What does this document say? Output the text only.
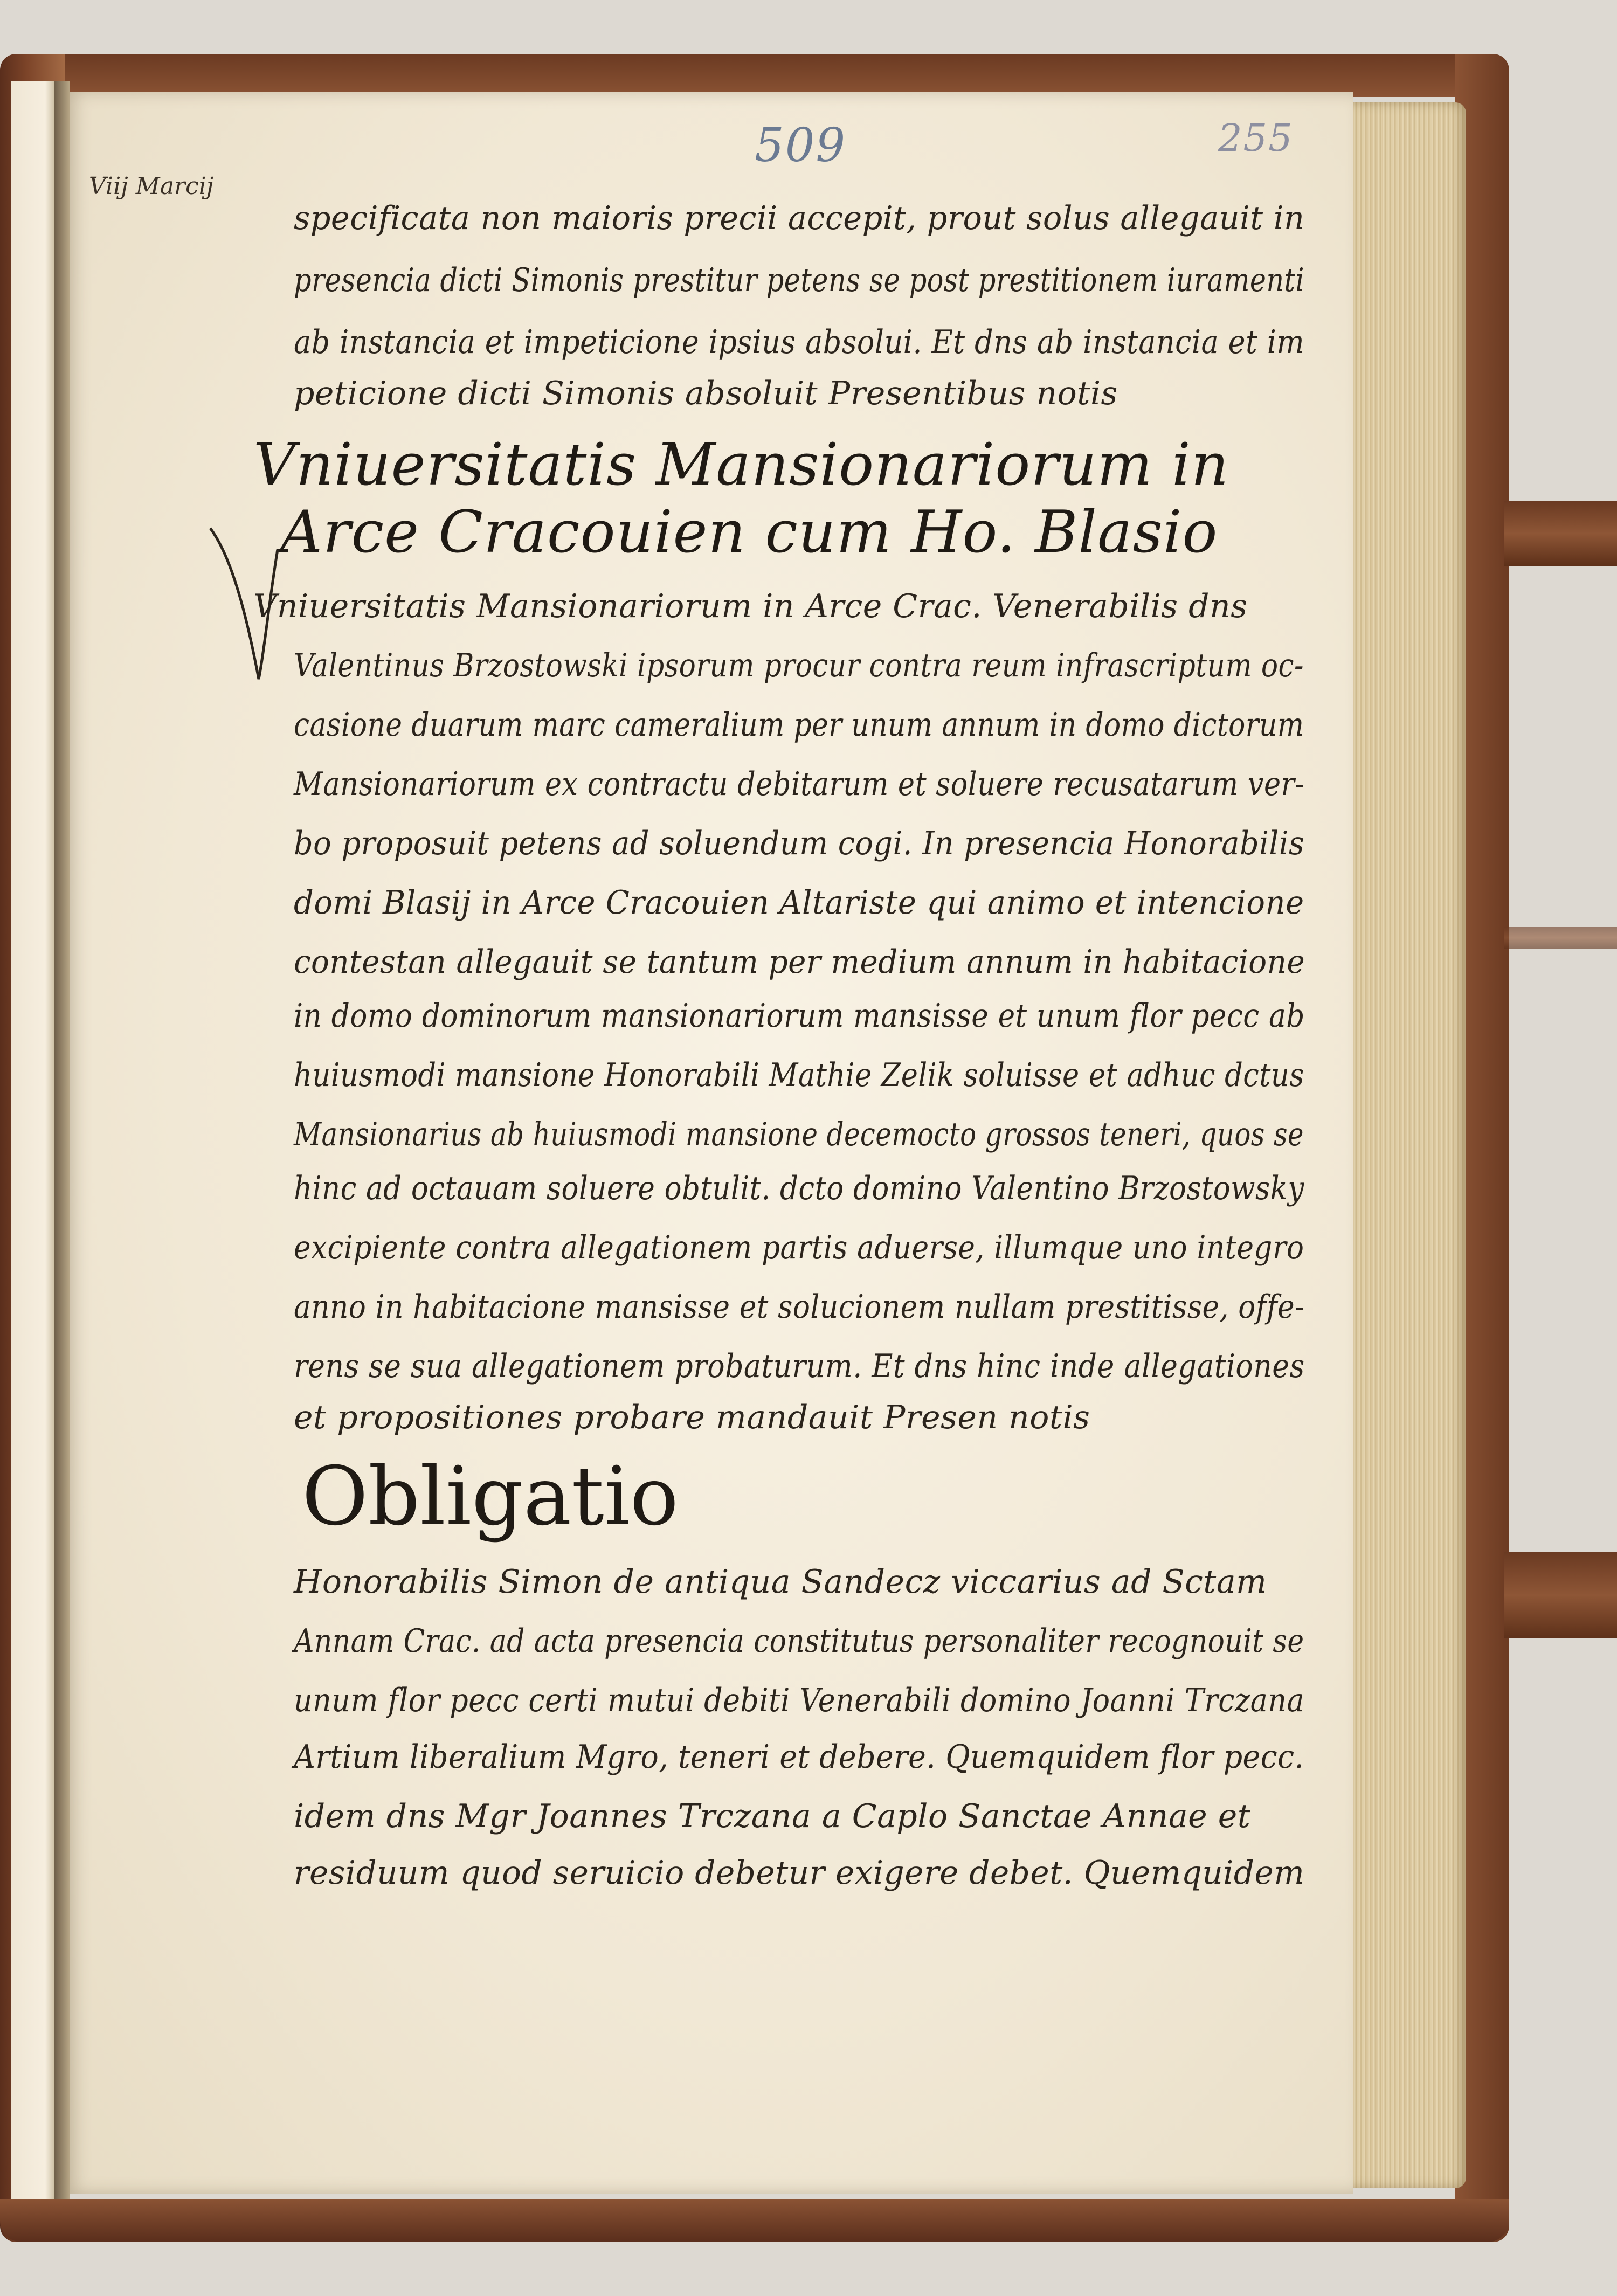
509	255
Viij Marcij
specificata non maioris precii accepit, prout solus allegauit in
presencia dicti Simonis prestitur petens se post prestitionem iuramenti
ab instancia et impeticione ipsius absolui. Et dns ab instancia et im
peticione dicti Simonis absoluit Presentibus notis
Vniuersitatis Mansionariorum in
Arce Cracouien cum Ho. Blasio
Vniuersitatis Mansionariorum in Arce Crac. Venerabilis dns
Valentinus Brzostowski ipsorum procur contra reum infrascriptum oc-
casione duarum marc cameralium per unum annum in domo dictorum
Mansionariorum ex contractu debitarum et soluere recusatarum ver-
bo proposuit petens ad soluendum cogi. In presencia Honorabilis
domi Blasij in Arce Cracouien Altariste qui animo et intencione
contestan allegauit se tantum per medium annum in habitacione
in domo dominorum mansionariorum mansisse et unum flor pecc ab
huiusmodi mansione Honorabili Mathie Zelik soluisse et adhuc dctus
Mansionarius ab huiusmodi mansione decemocto grossos teneri, quos se
hinc ad octauam soluere obtulit. dcto domino Valentino Brzostowsky
excipiente contra allegationem partis aduerse, illumque uno integro
anno in habitacione mansisse et solucionem nullam prestitisse, offe-
rens se sua allegationem probaturum. Et dns hinc inde allegationes
et propositiones probare mandauit Presen notis
Obligatio
Honorabilis Simon de antiqua Sandecz viccarius ad Sctam
Annam Crac. ad acta presencia constitutus personaliter recognouit se
unum flor pecc certi mutui debiti Venerabili domino Joanni Trczana
Artium liberalium Mgro, teneri et debere. Quemquidem flor pecc.
idem dns Mgr Joannes Trczana a Caplo Sanctae Annae et
residuum quod seruicio debetur exigere debet. Quemquidem
